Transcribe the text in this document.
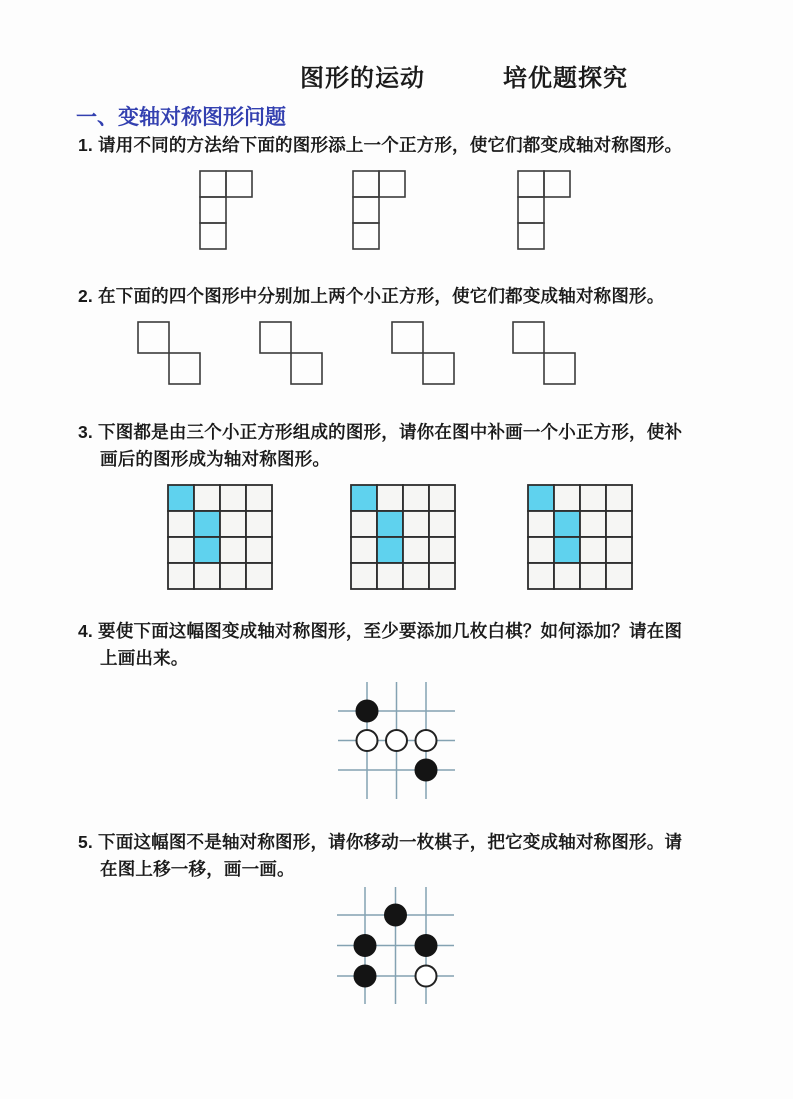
图形的运动	培优题探究
一、变轴对称图形问题
1. 请用不同的方法给下面的图形添上一个正方形，使它们都变成轴对称图形。
2. 在下面的四个图形中分别加上两个小正方形，使它们都变成轴对称图形。
3. 下图都是由三个小正方形组成的图形，请你在图中补画一个小正方形，使补
画后的图形成为轴对称图形。
4. 要使下面这幅图变成轴对称图形，至少要添加几枚白棋？如何添加？请在图
上画出来。
5. 下面这幅图不是轴对称图形，请你移动一枚棋子，把它变成轴对称图形。请
在图上移一移，画一画。
